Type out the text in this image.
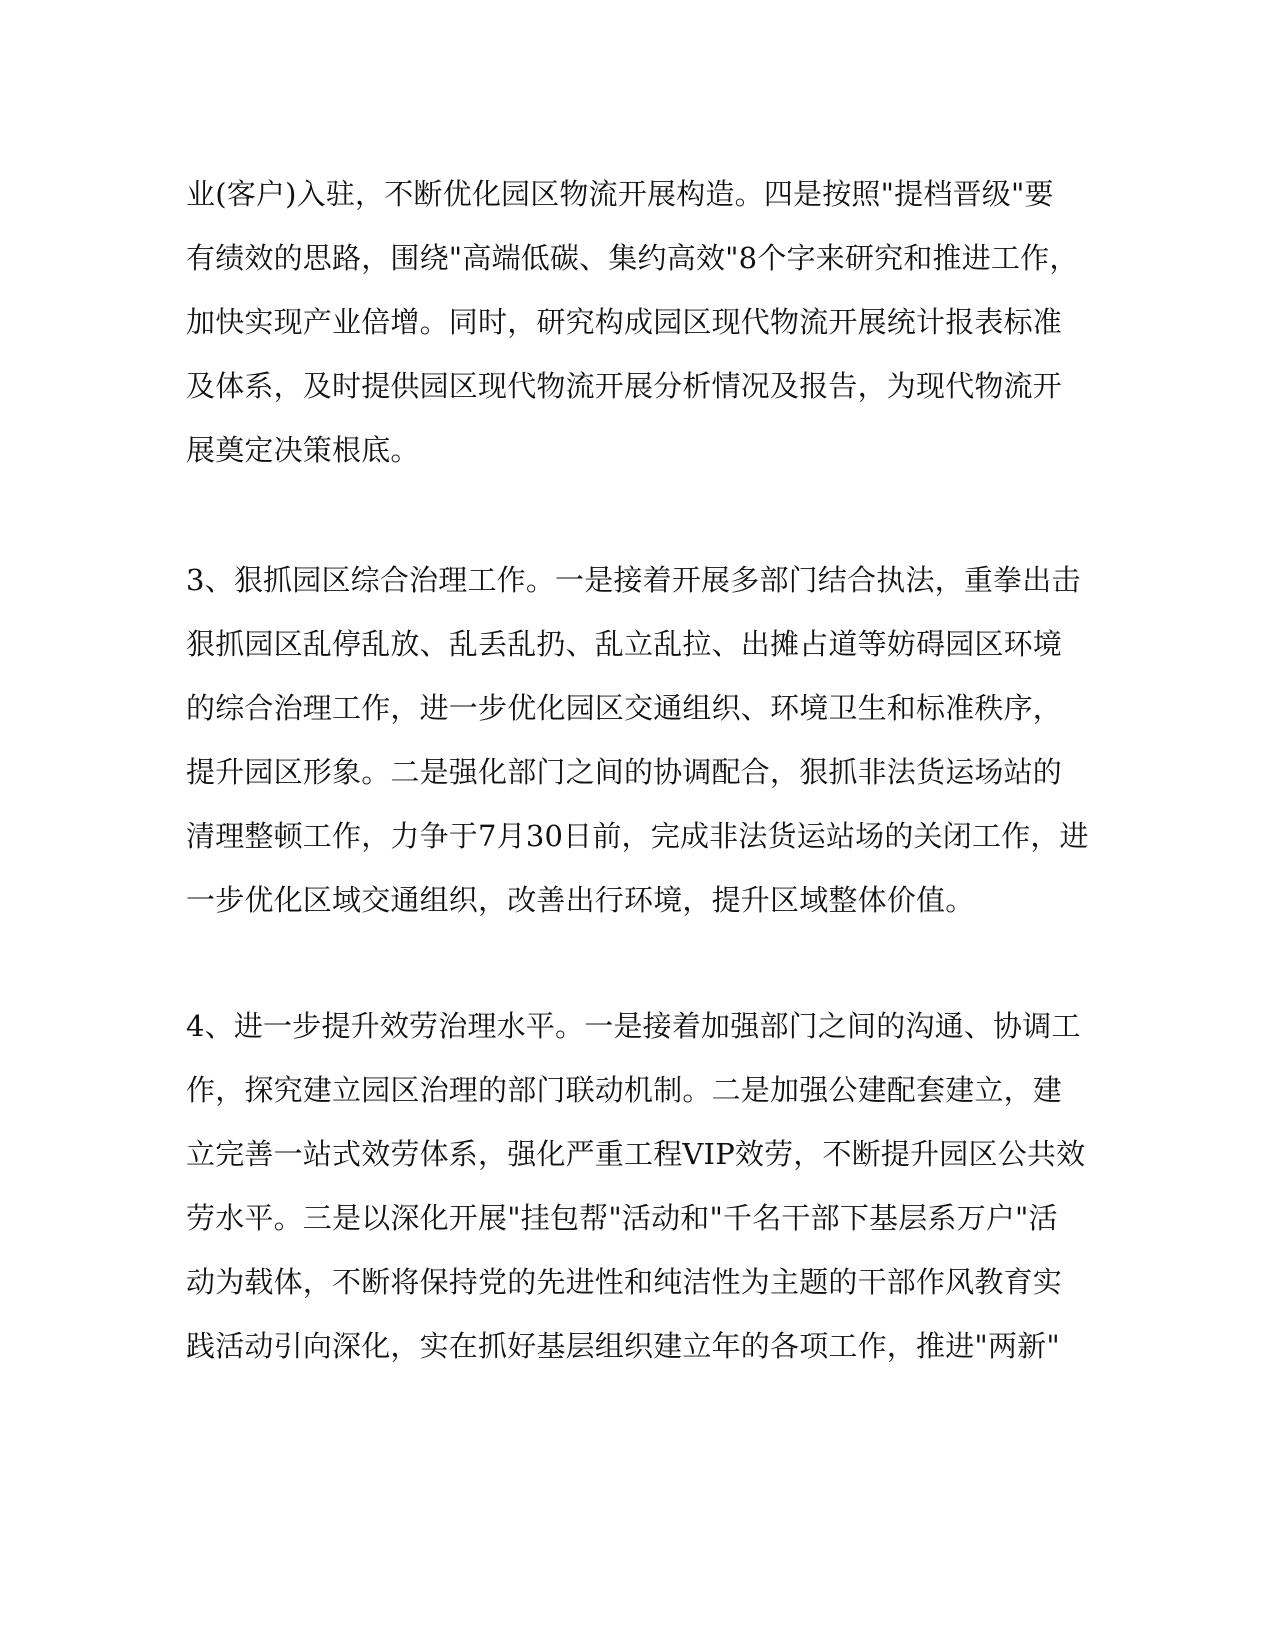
业(客户)入驻，不断优化园区物流开展构造。四是按照"提档晋级"要
有绩效的思路，围绕"高端低碳、集约高效"8个字来研究和推进工作，
加快实现产业倍增。同时，研究构成园区现代物流开展统计报表标准
及体系，及时提供园区现代物流开展分析情况及报告，为现代物流开
展奠定决策根底。
3、狠抓园区综合治理工作。一是接着开展多部门结合执法，重拳出击
狠抓园区乱停乱放、乱丢乱扔、乱立乱拉、出摊占道等妨碍园区环境
的综合治理工作，进一步优化园区交通组织、环境卫生和标准秩序，
提升园区形象。二是强化部门之间的协调配合，狠抓非法货运场站的
清理整顿工作，力争于7月30日前，完成非法货运站场的关闭工作，进
一步优化区域交通组织，改善出行环境，提升区域整体价值。
4、进一步提升效劳治理水平。一是接着加强部门之间的沟通、协调工
作，探究建立园区治理的部门联动机制。二是加强公建配套建立，建
立完善一站式效劳体系，强化严重工程VIP效劳，不断提升园区公共效
劳水平。三是以深化开展"挂包帮"活动和"千名干部下基层系万户"活
动为载体，不断将保持党的先进性和纯洁性为主题的干部作风教育实
践活动引向深化，实在抓好基层组织建立年的各项工作，推进"两新"
